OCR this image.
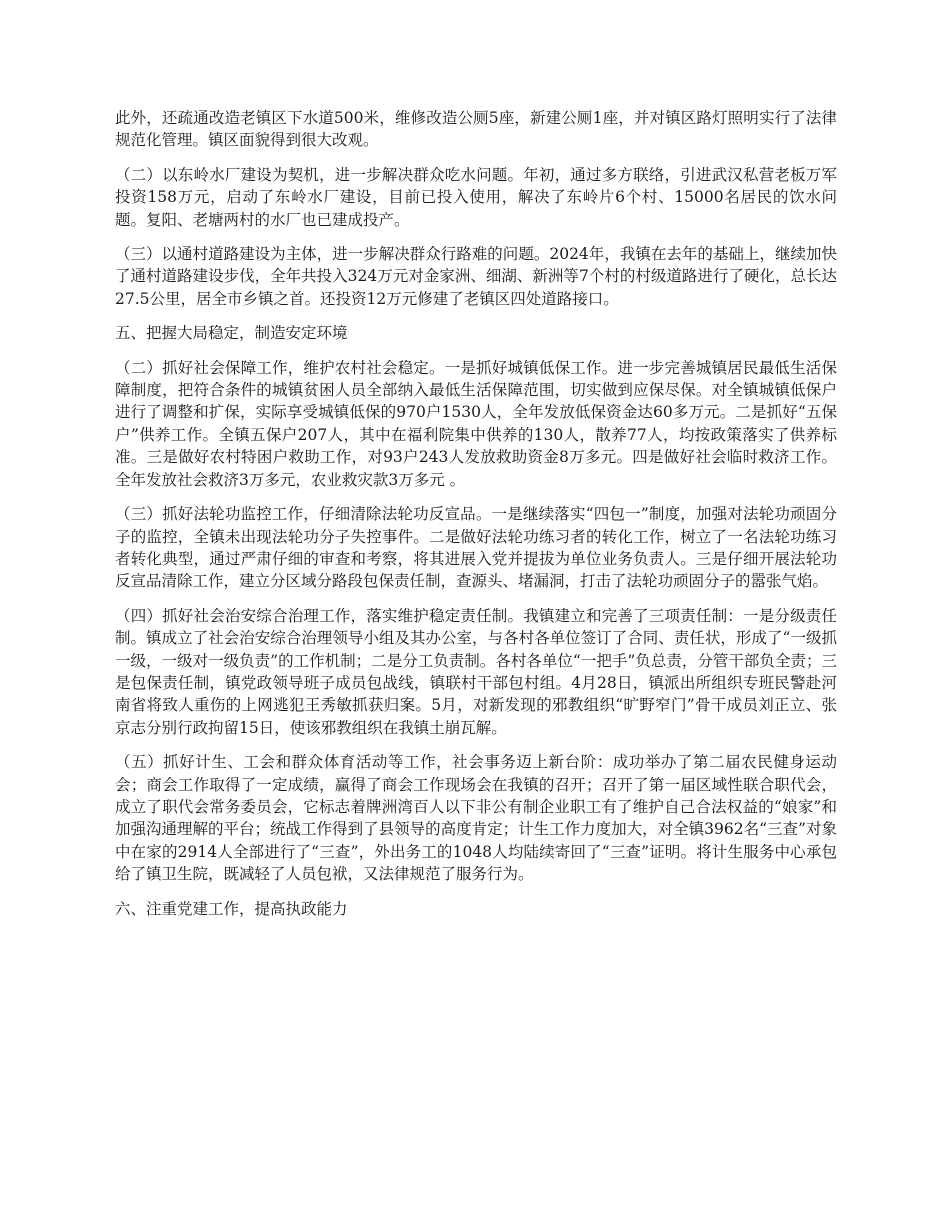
此外，还疏通改造老镇区下水道500米，维修改造公厕5座，新建公厕1座，并对镇区路灯照明实行了法律规范化管理。镇区面貌得到很大改观。

（二）以东岭水厂建设为契机，进一步解决群众吃水问题。年初，通过多方联络，引进武汉私营老板万军投资158万元，启动了东岭水厂建设，目前已投入使用，解决了东岭片6个村、15000名居民的饮水问题。复阳、老塘两村的水厂也已建成投产。

（三）以通村道路建设为主体，进一步解决群众行路难的问题。2024年，我镇在去年的基础上，继续加快了通村道路建设步伐，全年共投入324万元对金家洲、细湖、新洲等7个村的村级道路进行了硬化，总长达27.5公里，居全市乡镇之首。还投资12万元修建了老镇区四处道路接口。

五、把握大局稳定，制造安定环境

（二）抓好社会保障工作，维护农村社会稳定。一是抓好城镇低保工作。进一步完善城镇居民最低生活保障制度，把符合条件的城镇贫困人员全部纳入最低生活保障范围，切实做到应保尽保。对全镇城镇低保户进行了调整和扩保，实际享受城镇低保的970户1530人，全年发放低保资金达60多万元。二是抓好“五保户”供养工作。全镇五保户207人，其中在福利院集中供养的130人，散养77人，均按政策落实了供养标准。三是做好农村特困户救助工作，对93户243人发放救助资金8万多元。四是做好社会临时救济工作。全年发放社会救济3万多元，农业救灾款3万多元 。

（三）抓好法轮功监控工作，仔细清除法轮功反宣品。一是继续落实“四包一”制度，加强对法轮功顽固分子的监控，全镇未出现法轮功分子失控事件。二是做好法轮功练习者的转化工作，树立了一名法轮功练习者转化典型，通过严肃仔细的审查和考察，将其进展入党并提拔为单位业务负责人。三是仔细开展法轮功反宣品清除工作，建立分区域分路段包保责任制，查源头、堵漏洞，打击了法轮功顽固分子的嚣张气焰。

（四）抓好社会治安综合治理工作，落实维护稳定责任制。我镇建立和完善了三项责任制：一是分级责任制。镇成立了社会治安综合治理领导小组及其办公室，与各村各单位签订了合同、责任状，形成了“一级抓一级，一级对一级负责”的工作机制；二是分工负责制。各村各单位“一把手”负总责，分管干部负全责；三是包保责任制，镇党政领导班子成员包战线，镇联村干部包村组。4月28日，镇派出所组织专班民警赴河南省将致人重伤的上网逃犯王秀敏抓获归案。5月，对新发现的邪教组织“旷野窄门”骨干成员刘正立、张京志分别行政拘留15日，使该邪教组织在我镇土崩瓦解。

（五）抓好计生、工会和群众体育活动等工作，社会事务迈上新台阶：成功举办了第二届农民健身运动会；商会工作取得了一定成绩，赢得了商会工作现场会在我镇的召开；召开了第一届区域性联合职代会，成立了职代会常务委员会，它标志着牌洲湾百人以下非公有制企业职工有了维护自己合法权益的“娘家”和加强沟通理解的平台；统战工作得到了县领导的高度肯定；计生工作力度加大，对全镇3962名“三查”对象中在家的2914人全部进行了“三查”，外出务工的1048人均陆续寄回了“三查”证明。将计生服务中心承包给了镇卫生院，既减轻了人员包袱，又法律规范了服务行为。

六、注重党建工作，提高执政能力
